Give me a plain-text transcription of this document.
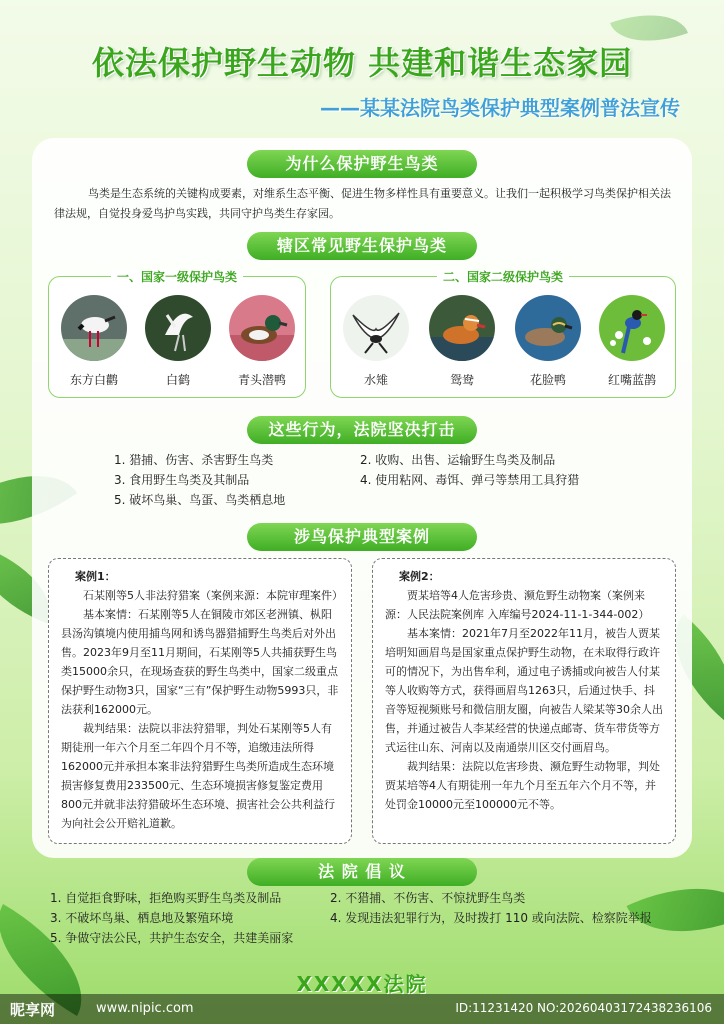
依法保护野生动物 共建和谐生态家园
——某某法院鸟类保护典型案例普法宣传
为什么保护野生鸟类
鸟类是生态系统的关键构成要素，对维系生态平衡、促进生物多样性具有重要意义。让我们一起积极学习鸟类保护相关法律法规，自觉投身爱鸟护鸟实践，共同守护鸟类生存家园。
辖区常见野生保护鸟类
一、国家一级保护鸟类
东方白鹳	白鹤	青头潜鸭
二、国家二级保护鸟类
水雉	鸳鸯	花脸鸭	红嘴蓝鹊
这些行为，法院坚决打击
1. 猎捕、伤害、杀害野生鸟类	2. 收购、出售、运输野生鸟类及制品
3. 食用野生鸟类及其制品	4. 使用粘网、毒饵、弹弓等禁用工具狩猎
5. 破坏鸟巢、鸟蛋、鸟类栖息地
涉鸟保护典型案例
案例1：

石某刚等5人非法狩猎案（案例来源：本院审理案件）

基本案情：石某刚等5人在铜陵市郊区老洲镇、枞阳县汤沟镇境内使用捕鸟网和诱鸟器猎捕野生鸟类后对外出售。2023年9月至11月期间，石某刚等5人共捕获野生鸟类15000余只，在现场查获的野生鸟类中，国家二级重点保护野生动物3只，国家“三有”保护野生动物5993只，非法获利162000元。

裁判结果：法院以非法狩猎罪，判处石某刚等5人有期徒刑一年六个月至二年四个月不等，追缴违法所得162000元并承担本案非法狩猎野生鸟类所造成生态环境损害修复费用233500元、生态环境损害修复鉴定费用800元并就非法狩猎破坏生态环境、损害社会公共利益行为向社会公开赔礼道歉。

案例2：

贾某培等4人危害珍贵、濒危野生动物案（案例来源：人民法院案例库 入库编号2024-11-1-344-002）

基本案情：2021年7月至2022年11月，被告人贾某培明知画眉鸟是国家重点保护野生动物，在未取得行政许可的情况下，为出售牟利，通过电子诱捕或向被告人付某等人收购等方式，获得画眉鸟1263只，后通过快手、抖音等短视频账号和微信朋友圈，向被告人梁某等30余人出售，并通过被告人李某经营的快递点邮寄、货车带货等方式运往山东、河南以及南通崇川区交付画眉鸟。

裁判结果：法院以危害珍贵、濒危野生动物罪，判处贾某培等4人有期徒刑一年九个月至五年六个月不等，并处罚金10000元至100000元不等。

法 院 倡 议
1. 自觉拒食野味，拒绝购买野生鸟类及制品	2. 不猎捕、不伤害、不惊扰野生鸟类
3. 不破坏鸟巢、栖息地及繁殖环境	4. 发现违法犯罪行为，及时拨打 110 或向法院、检察院举报
5. 争做守法公民，共护生态安全，共建美丽家
XXXXX法院
昵享网	www.nipic.com	ID:11231420 NO:20260403172438236106
